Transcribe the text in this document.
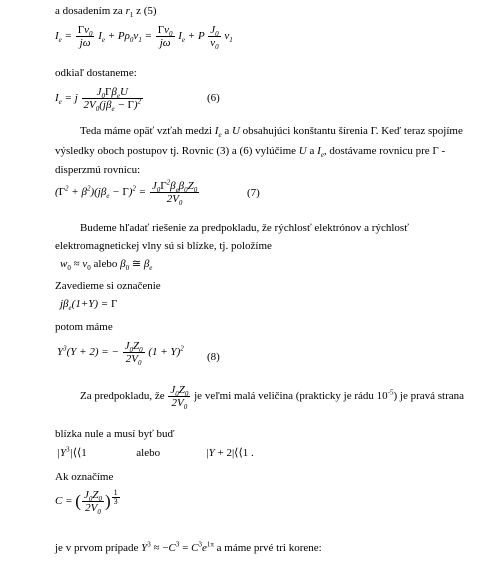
a dosadením za $r_1$ z (5)
$I_e = \frac{\Gamma v_0}{j\omega} I_e + P\rho_0v_1 = \frac{\Gamma v_0}{j\omega} I_e + P \frac{J_0}{v_0} v_1$
odkiaľ dostaneme:
$I_e = j \frac{J_0\Gamma\beta_eU}{2V_0(j\beta_e - \Gamma)^2}$	(6)
Teda máme opäť vzťah medzi $I_e$ a U obsahujúci konštantu šírenia Γ. Keď teraz spojíme
výsledky oboch postupov tj. Rovnic (3) a (6) vylúčime U a $I_e$, dostávame rovnicu pre Γ -
disperzmú rovnicu:
$(\Gamma^2 + \beta^2)(j\beta_e - \Gamma)^2 = \frac{J_0\Gamma^2\beta_e\beta_0Z_0}{2V_0}$	(7)
Budeme hľadať riešenie za predpokladu, že rýchlosť elektrónov a rýchlosť
elektromagnetickej vlny sú si blízke, tj. položíme
$w_0 \approx v_0$ alebo $\beta_0$ ≅ $\beta_e$
Zavedieme si označenie
$j\beta_e(1+Y) = \Gamma$
potom máme
$Y^3(Y + 2)$ = − $\frac{J_0Z_0}{2V_0} (1 + Y)^2$
(8)
Za predpokladu, že $\frac{J_0Z_0}{2V_0}$ je veľmi malá veličina (prakticky je rádu $10^{-5}$) je pravá strana
blízka nule a musí byť buď
$|Y^3|⟨⟨1$	alebo	|Y + 2|⟨⟨1 .
Ak označíme
C = ( $\frac{J_0Z_0}{2V_0}$ ) $\frac{1}{3}$
je v prvom prípade $Y^3 \approx -C^3 = C^3e^{1\pi}$ a máme prvé tri korene:
